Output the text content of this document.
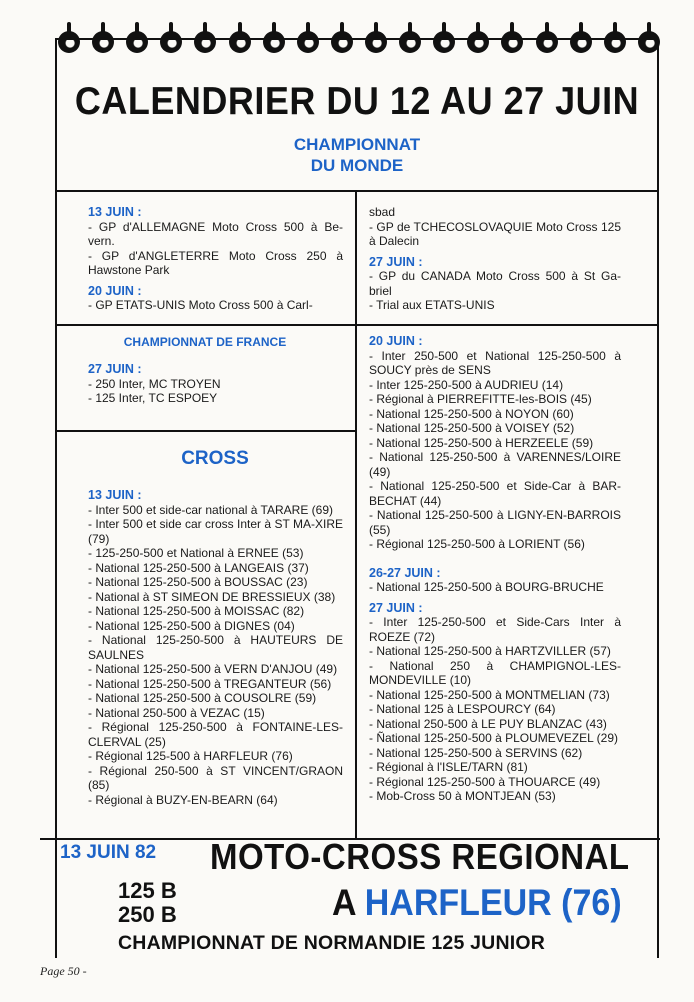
CALENDRIER DU 12 AU 27 JUIN
CHAMPIONNAT
DU MONDE

13 JUIN :

- GP d'ALLEMAGNE Moto Cross 500 à Be-vern.

- GP d'ANGLETERRE Moto Cross 250 à Hawstone Park

20 JUIN :

- GP ETATS-UNIS Moto Cross 500 à Carl-

sbad

- GP de TCHECOSLOVAQUIE Moto Cross 125 à Dalecin

27 JUIN :

- GP du CANADA Moto Cross 500 à St Ga-briel

- Trial aux ETATS-UNIS

CHAMPIONNAT DE FRANCE

27 JUIN :

- 250 Inter, MC TROYEN

- 125 Inter, TC ESPOEY

CROSS

13 JUIN :

- Inter 500 et side-car national à TARARE (69)

- Inter 500 et side car cross Inter à ST MA-XIRE (79)

- 125-250-500 et National à ERNEE (53)

- National 125-250-500 à LANGEAIS (37)

- National 125-250-500 à BOUSSAC (23)

- National à ST SIMEON DE BRESSIEUX (38)

- National 125-250-500 à MOISSAC (82)

- National 125-250-500 à DIGNES (04)

- National 125-250-500 à HAUTEURS DE SAULNES

- National 125-250-500 à VERN D'ANJOU (49)

- National 125-250-500 à TREGANTEUR (56)

- National 125-250-500 à COUSOLRE (59)

- National 250-500 à VEZAC (15)

- Régional 125-250-500 à FONTAINE-LES-CLERVAL (25)

- Régional 125-500 à HARFLEUR (76)

- Régional 250-500 à ST VINCENT/GRAON (85)

- Régional à BUZY-EN-BEARN (64)

20 JUIN :

- Inter 250-500 et National 125-250-500 à SOUCY près de SENS

- Inter 125-250-500 à AUDRIEU (14)

- Régional à PIERREFITTE-les-BOIS (45)

- National 125-250-500 à NOYON (60)

- National 125-250-500 à VOISEY (52)

- National 125-250-500 à HERZEELE (59)

- National 125-250-500 à VARENNES/LOIRE (49)

- National 125-250-500 et Side-Car à BAR-BECHAT (44)

- National 125-250-500 à LIGNY-EN-BARROIS (55)

- Régional 125-250-500 à LORIENT (56)

26-27 JUIN :

- National 125-250-500 à BOURG-BRUCHE

27 JUIN :

- Inter 125-250-500 et Side-Cars Inter à ROEZE (72)

- National 125-250-500 à HARTZVILLER (57)

- National 250 à CHAMPIGNOL-LES-MONDEVILLE (10)

- National 125-250-500 à MONTMELIAN (73)

- National 125 à LESPOURCY (64)

- National 250-500 à LE PUY BLANZAC (43)

- Ñational 125-250-500 à PLOUMEVEZEL (29)

- National 125-250-500 à SERVINS (62)

- Régional à l'ISLE/TARN (81)

- Régional 125-250-500 à THOUARCE (49)

- Mob-Cross 50 à MONTJEAN (53)

13 JUIN 82 MOTO-CROSS REGIONAL
125 B
250 B	A HARFLEUR (76)
CHAMPIONNAT DE NORMANDIE 125 JUNIOR
Page 50 -
